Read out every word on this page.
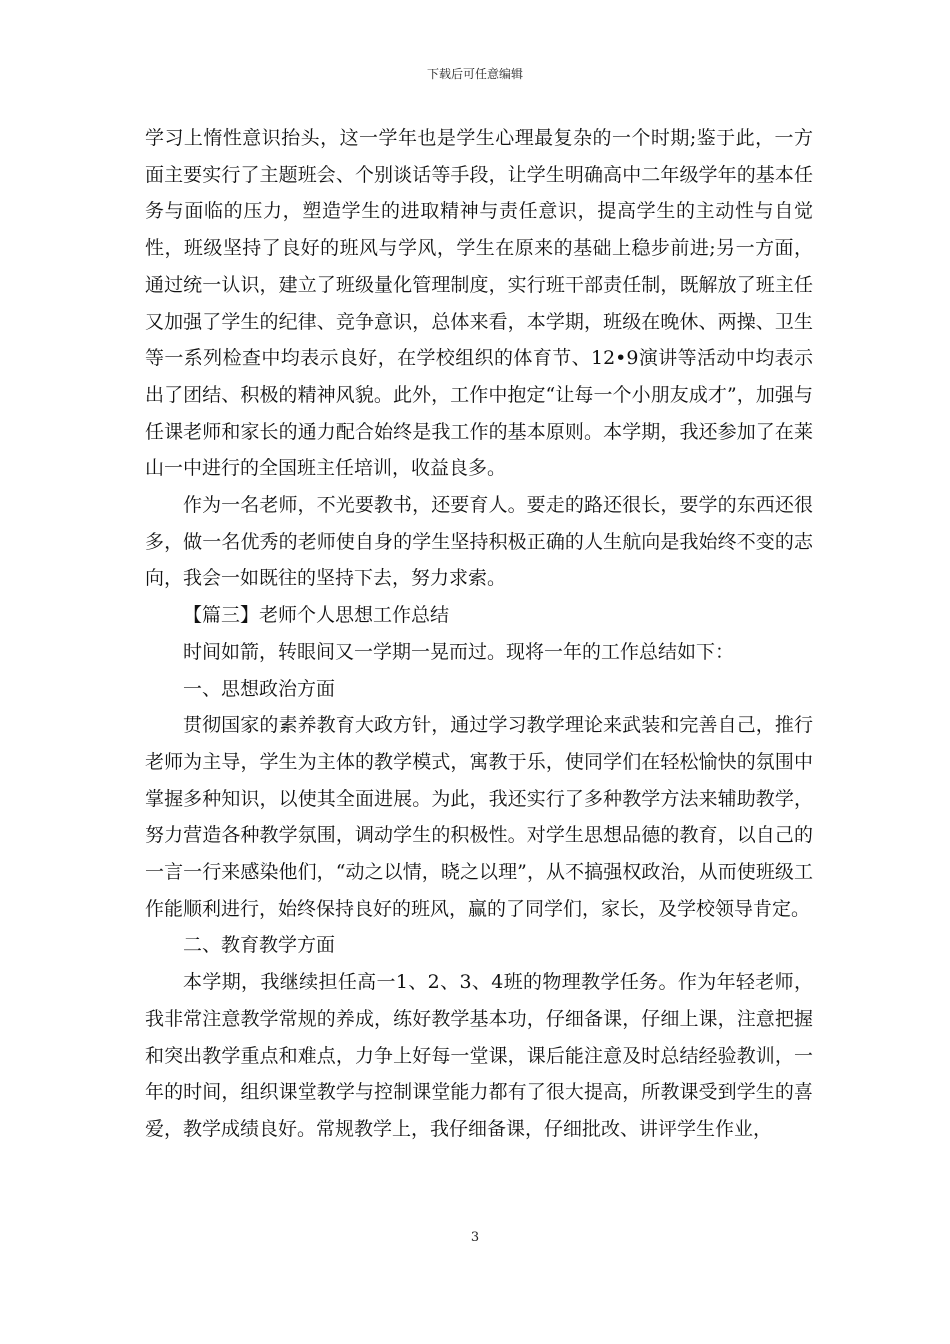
下载后可任意编辑

学习上惰性意识抬头，这一学年也是学生心理最复杂的一个时期;鉴于此，一方面主要实行了主题班会、个别谈话等手段，让学生明确高中二年级学年的基本任务与面临的压力，塑造学生的进取精神与责任意识，提高学生的主动性与自觉性，班级坚持了良好的班风与学风，学生在原来的基础上稳步前进;另一方面，通过统一认识，建立了班级量化管理制度，实行班干部责任制，既解放了班主任又加强了学生的纪律、竞争意识，总体来看，本学期，班级在晚休、两操、卫生等一系列检查中均表示良好，在学校组织的体育节、12•9演讲等活动中均表示出了团结、积极的精神风貌。此外，工作中抱定“让每一个小朋友成才”，加强与任课老师和家长的通力配合始终是我工作的基本原则。本学期，我还参加了在莱山一中进行的全国班主任培训，收益良多。

作为一名老师，不光要教书，还要育人。要走的路还很长，要学的东西还很多，做一名优秀的老师使自身的学生坚持积极正确的人生航向是我始终不变的志向，我会一如既往的坚持下去，努力求索。

【篇三】老师个人思想工作总结

时间如箭，转眼间又一学期一晃而过。现将一年的工作总结如下：

一、思想政治方面

贯彻国家的素养教育大政方针，通过学习教学理论来武装和完善自己，推行老师为主导，学生为主体的教学模式，寓教于乐，使同学们在轻松愉快的氛围中掌握多种知识，以使其全面进展。为此，我还实行了多种教学方法来辅助教学，努力营造各种教学氛围，调动学生的积极性。对学生思想品德的教育，以自己的一言一行来感染他们，“动之以情，晓之以理”，从不搞强权政治，从而使班级工作能顺利进行，始终保持良好的班风，赢的了同学们，家长，及学校领导肯定。

二、教育教学方面

本学期，我继续担任高一1、2、3、4班的物理教学任务。作为年轻老师，我非常注意教学常规的养成，练好教学基本功，仔细备课，仔细上课，注意把握和突出教学重点和难点，力争上好每一堂课，课后能注意及时总结经验教训，一年的时间，组织课堂教学与控制课堂能力都有了很大提高，所教课受到学生的喜爱，教学成绩良好。常规教学上，我仔细备课，仔细批改、讲评学生作业，

3
